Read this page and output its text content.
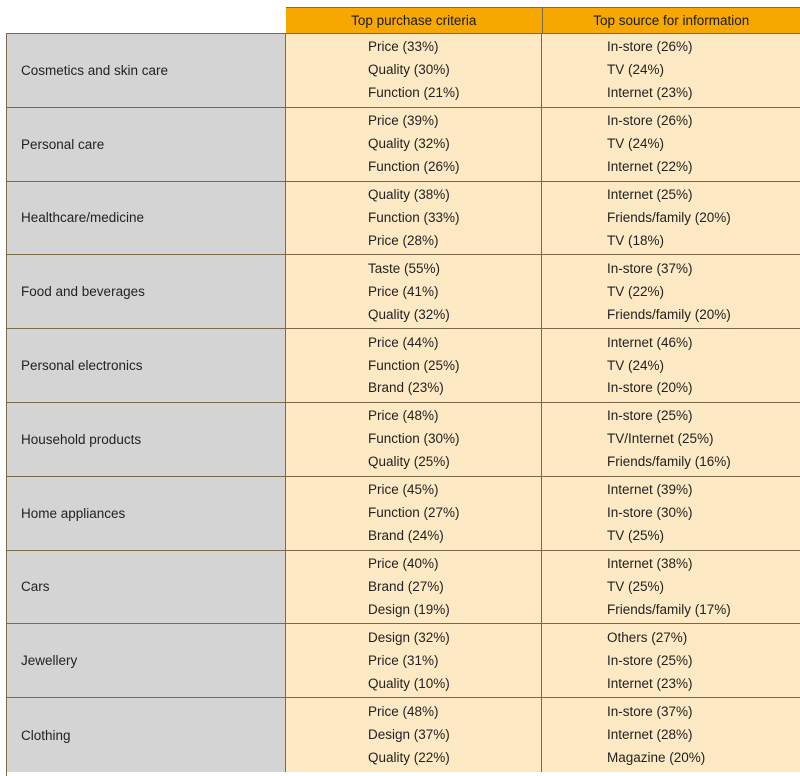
Top purchase criteria	Top source for information
Cosmetics and skin care
Price (33%)
Quality (30%)
Function (21%)
In-store (26%)
TV (24%)
Internet (23%)
Personal care
Price (39%)
Quality (32%)
Function (26%)
In-store (26%)
TV (24%)
Internet (22%)
Healthcare/medicine
Quality (38%)
Function (33%)
Price (28%)
Internet (25%)
Friends/family (20%)
TV (18%)
Food and beverages
Taste (55%)
Price (41%)
Quality (32%)
In-store (37%)
TV (22%)
Friends/family (20%)
Personal electronics
Price (44%)
Function (25%)
Brand (23%)
Internet (46%)
TV (24%)
In-store (20%)
Household products
Price (48%)
Function (30%)
Quality (25%)
In-store (25%)
TV/Internet (25%)
Friends/family (16%)
Home appliances
Price (45%)
Function (27%)
Brand (24%)
Internet (39%)
In-store (30%)
TV (25%)
Cars
Price (40%)
Brand (27%)
Design (19%)
Internet (38%)
TV (25%)
Friends/family (17%)
Jewellery
Design (32%)
Price (31%)
Quality (10%)
Others (27%)
In-store (25%)
Internet (23%)
Clothing
Price (48%)
Design (37%)
Quality (22%)
In-store (37%)
Internet (28%)
Magazine (20%)
